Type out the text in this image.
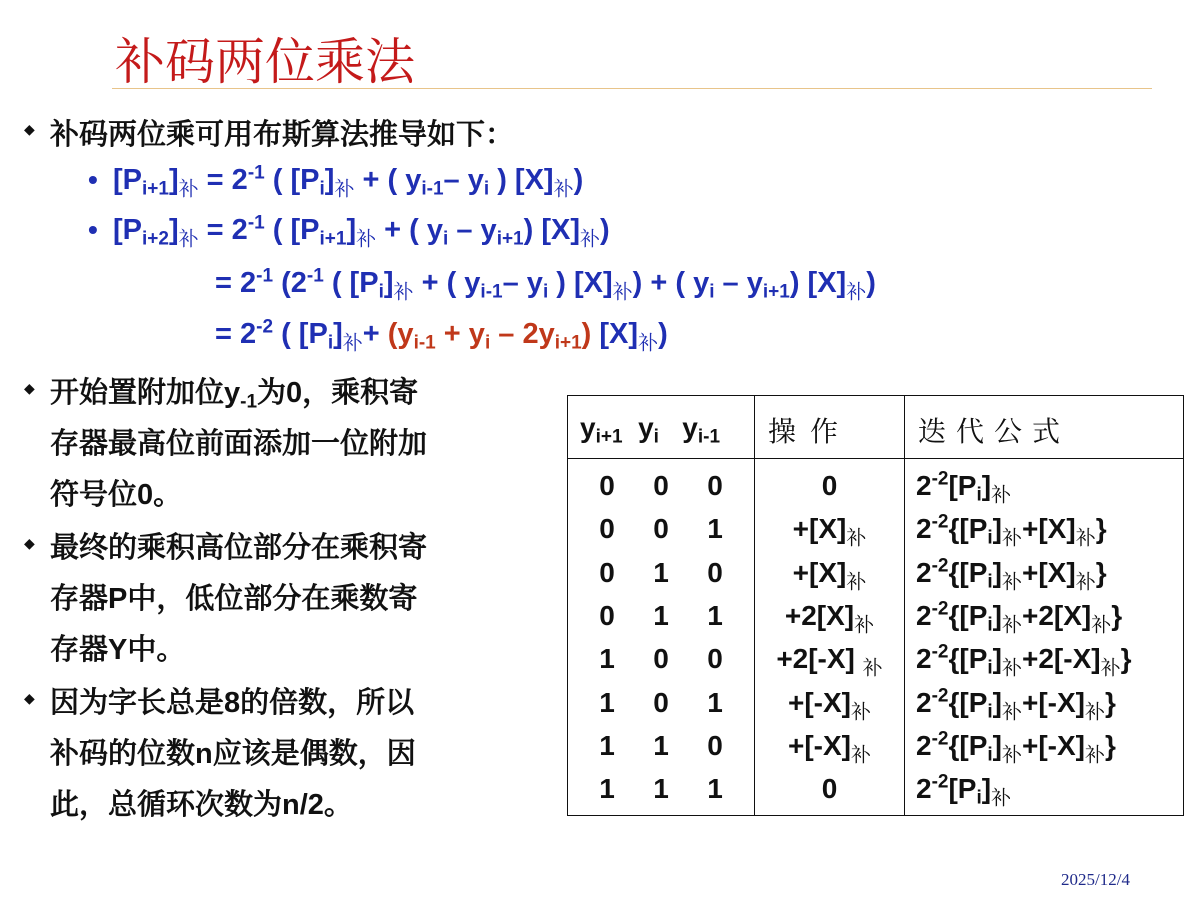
补码两位乘法
◆ 补码两位乘可用布斯算法推导如下：
• $[P_{i+1}]_补 = 2^{-1}$ ( $[P_i]_补$ + ( $y_{i-1}-$ $y_i$ ) $[X]_补$)
• $[P_{i+2}]_补 = 2^{-1}$ ( $[P_{i+1}]_补$ + ( $y_i - y_{i+1}$) $[X]_补$)
= $2^{-1}$ ($2^{-1}$ ( $[P_i]_补$ + ( $y_{i-1}-$ $y_i$ ) $[X]_补$) + ( $y_i - y_{i+1}$) $[X]_补$)
= $2^{-2}$ ( $[P_i]_补+ (y_{i-1} + y_i - 2y_{i+1})$ $[X]_补$)
◆ 开始置附加位$y_{-1}$为0，乘积寄
存器最高位前面添加一位附加
符号位0。
◆ 最终的乘积高位部分在乘积寄
存器P中，低位部分在乘数寄
存器Y中。
◆ 因为字长总是8的倍数，所以
补码的位数n应该是偶数，因
此，总循环次数为n/2。
$y_{i+1}$ $y_i$ $y_{i-1}$ 操作 迭代公式
0 0 0	0	$2^{-2}[P_i]_补$
0 0 1	$+[X]_补$	$2^{-2}\{[P_i]_补+[X]_补\}$
0 1 0	$+[X]_补$	$2^{-2}\{[P_i]_补+[X]_补\}$
0 1 1	$+2[X]_补$	$2^{-2}\{[P_i]_补+2[X]_补\}$
1 0 0	+2[-X] $_补$	$2^{-2}\{[P_i]_补+2[-X]_补\}$
1 0 1	$+[-X]_补$	$2^{-2}\{[P_i]_补+[-X]_补\}$
1 1 0	$+[-X]_补$	$2^{-2}\{[P_i]_补+[-X]_补\}$
1 1 1	0	$2^{-2}[P_i]_补$
2025/12/4
